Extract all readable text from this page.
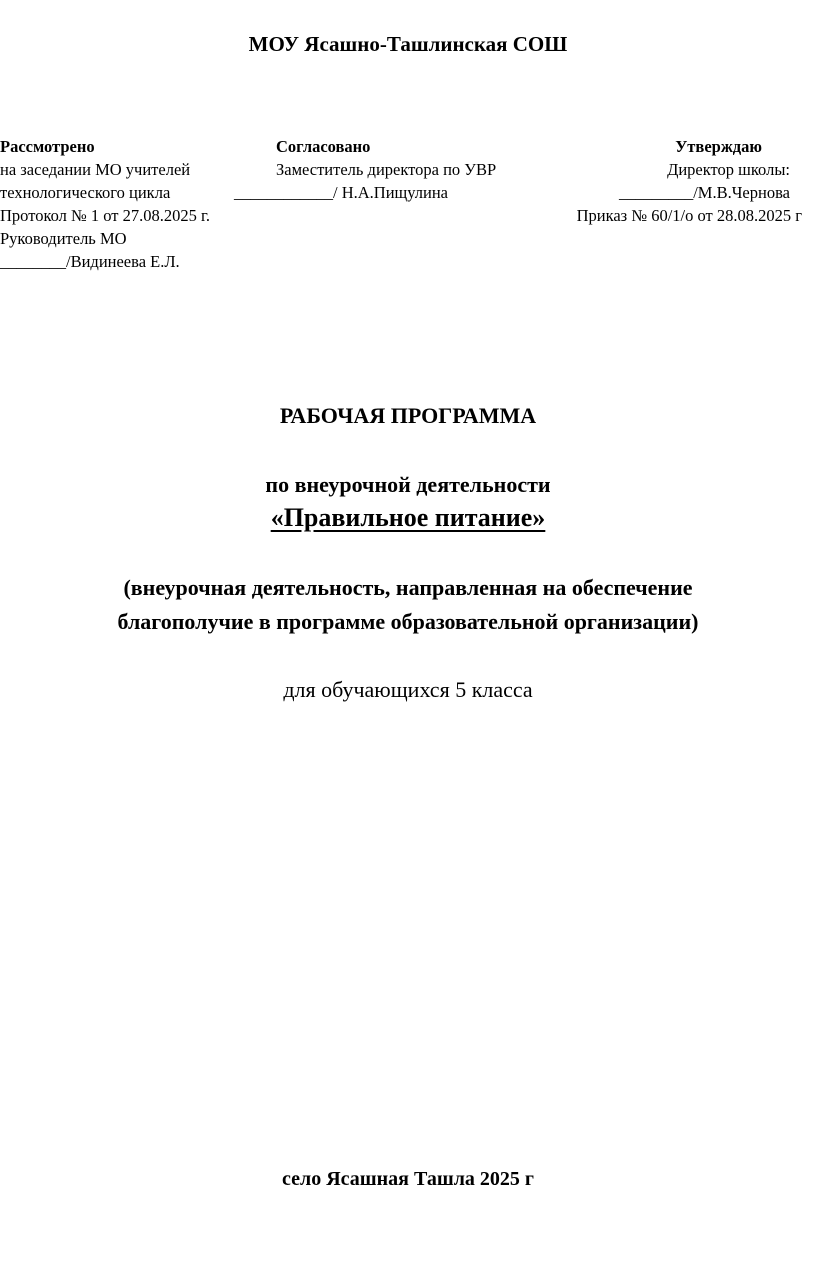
МОУ Ясашно-Ташлинская СОШ
Рассмотрено
на заседании МО учителей
технологического цикла
Протокол № 1 от 27.08.2025 г.
Руководитель МО
________/Видинеева Е.Л.
Согласовано
Заместитель директора по УВР
____________/ Н.А.Пищулина
Утверждаю
Директор школы:
_________/М.В.Чернова
Приказ № 60/1/о от 28.08.2025 г
РАБОЧАЯ ПРОГРАММА
по внеурочной деятельности
«Правильное питание»
(внеурочная деятельность, направленная на обеспечение
благополучие в программе образовательной организации)
для обучающихся 5 класса
село Ясашная Ташла 2025 г
